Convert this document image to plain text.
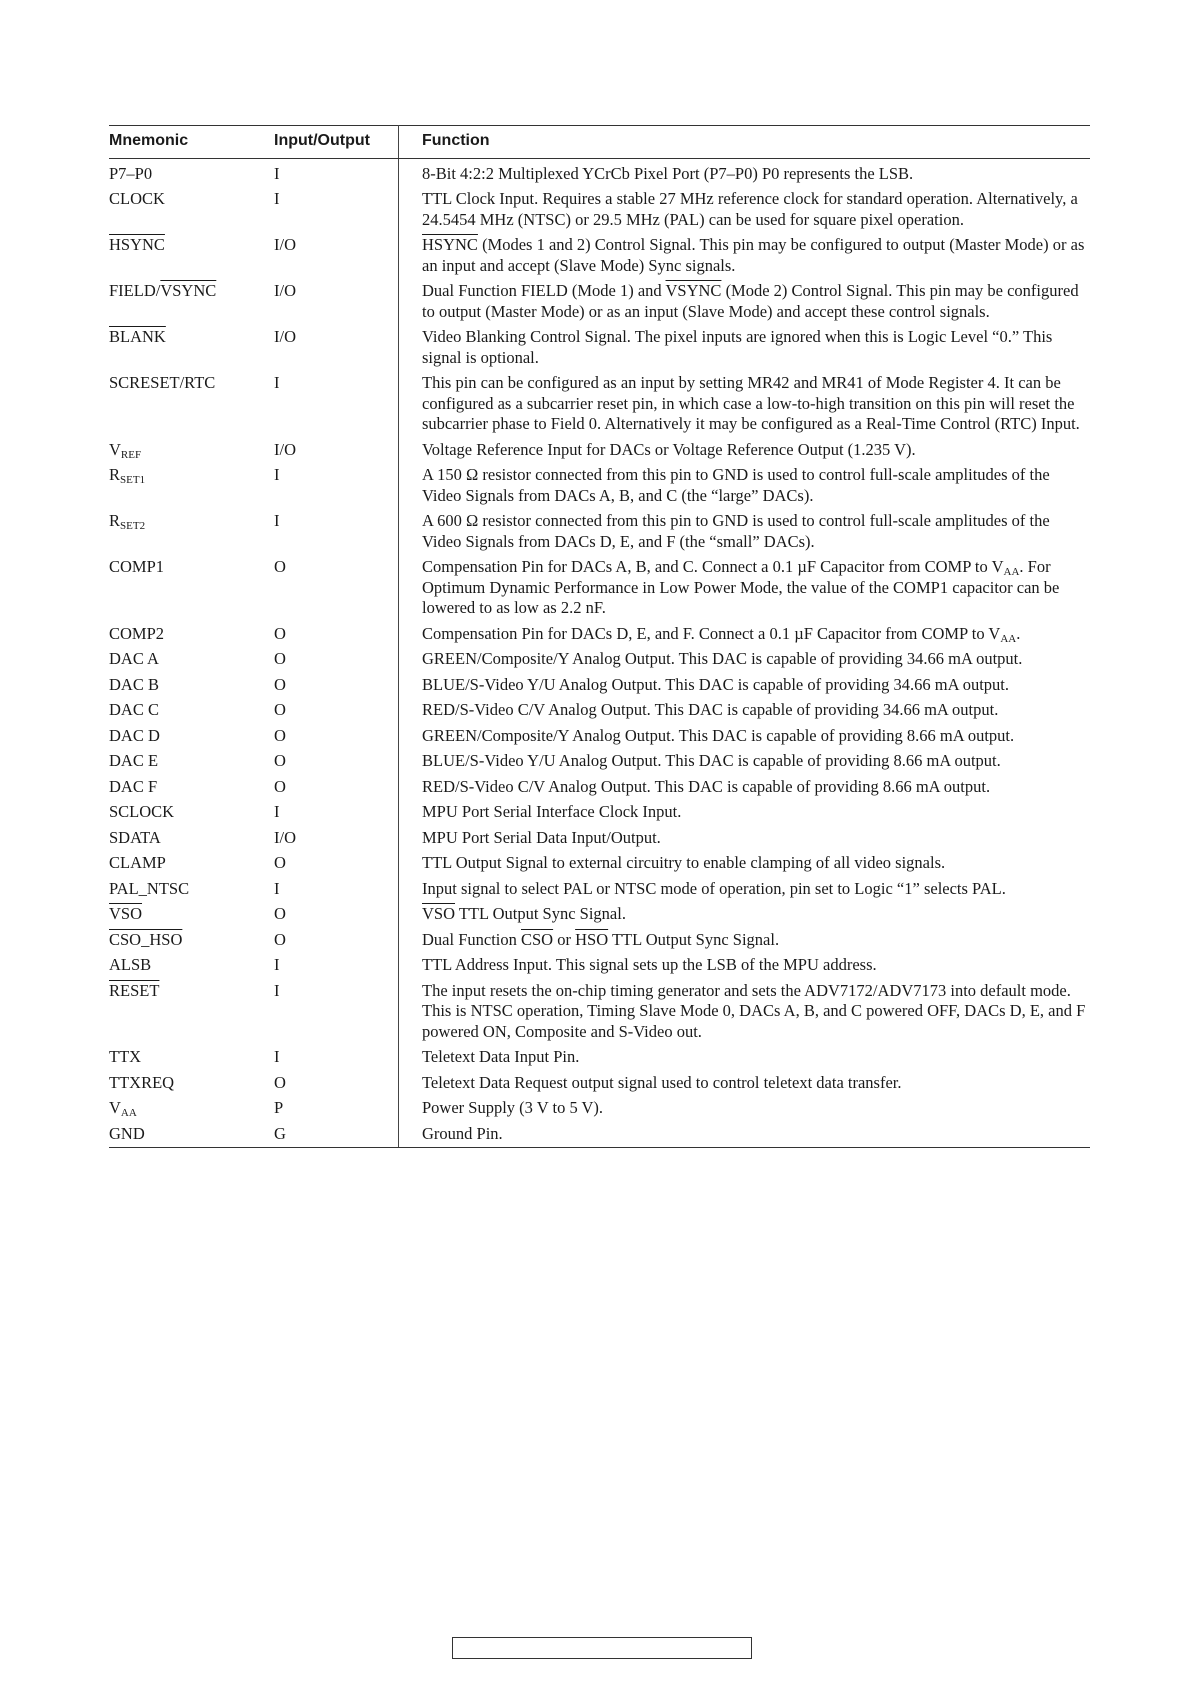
Mnemonic	Input/Output	Function
P7–P0	I	8-Bit 4:2:2 Multiplexed YCrCb Pixel Port (P7–P0) P0 represents the LSB.
CLOCK	I	TTL Clock Input. Requires a stable 27 MHz reference clock for standard operation. Alternatively, a 24.5454 MHz (NTSC) or 29.5 MHz (PAL) can be used for square pixel operation.
HSYNC	I/O	HSYNC (Modes 1 and 2) Control Signal. This pin may be configured to output (Master Mode) or as an input and accept (Slave Mode) Sync signals.
FIELD/VSYNC	I/O	Dual Function FIELD (Mode 1) and VSYNC (Mode 2) Control Signal. This pin may be configured to output (Master Mode) or as an input (Slave Mode) and accept these control signals.
BLANK	I/O	Video Blanking Control Signal. The pixel inputs are ignored when this is Logic Level “0.” This signal is optional.
SCRESET/RTC	I	This pin can be configured as an input by setting MR42 and MR41 of Mode Register 4. It can be configured as a subcarrier reset pin, in which case a low-to-high transition on this pin will reset the subcarrier phase to Field 0. Alternatively it may be configured as a Real-Time Control (RTC) Input.
$V_{REF}$	I/O	Voltage Reference Input for DACs or Voltage Reference Output (1.235 V).
$R_{SET1}$	I	A 150 Ω resistor connected from this pin to GND is used to control full-scale amplitudes of the Video Signals from DACs A, B, and C (the “large” DACs).
$R_{SET2}$	I	A 600 Ω resistor connected from this pin to GND is used to control full-scale amplitudes of the Video Signals from DACs D, E, and F (the “small” DACs).
COMP1	O	Compensation Pin for DACs A, B, and C. Connect a 0.1 µF Capacitor from COMP to $V_{AA}$. For Optimum Dynamic Performance in Low Power Mode, the value of the COMP1 capacitor can be lowered to as low as 2.2 nF.
COMP2	O	Compensation Pin for DACs D, E, and F. Connect a 0.1 µF Capacitor from COMP to $V_{AA}$.
DAC A	O	GREEN/Composite/Y Analog Output. This DAC is capable of providing 34.66 mA output.
DAC B	O	BLUE/S-Video Y/U Analog Output. This DAC is capable of providing 34.66 mA output.
DAC C	O	RED/S-Video C/V Analog Output. This DAC is capable of providing 34.66 mA output.
DAC D	O	GREEN/Composite/Y Analog Output. This DAC is capable of providing 8.66 mA output.
DAC E	O	BLUE/S-Video Y/U Analog Output. This DAC is capable of providing 8.66 mA output.
DAC F	O	RED/S-Video C/V Analog Output. This DAC is capable of providing 8.66 mA output.
SCLOCK	I	MPU Port Serial Interface Clock Input.
SDATA	I/O	MPU Port Serial Data Input/Output.
CLAMP	O	TTL Output Signal to external circuitry to enable clamping of all video signals.
PAL_NTSC	I	Input signal to select PAL or NTSC mode of operation, pin set to Logic “1” selects PAL.
$\overline{VSO}$	O	$\overline{VSO}$ TTL Output Sync Signal.
CSO_HSO	O	Dual Function $\overline{CSO}$ or $\overline{HSO}$ TTL Output Sync Signal.
ALSB	I	TTL Address Input. This signal sets up the LSB of the MPU address.
RESET	I	The input resets the on-chip timing generator and sets the ADV7172/ADV7173 into default mode. This is NTSC operation, Timing Slave Mode 0, DACs A, B, and C powered OFF, DACs D, E, and F powered ON, Composite and S-Video out.
TTX	I	Teletext Data Input Pin.
TTXREQ	O	Teletext Data Request output signal used to control teletext data transfer.
$V_{AA}$	P	Power Supply (3 V to 5 V).
GND	G	Ground Pin.
